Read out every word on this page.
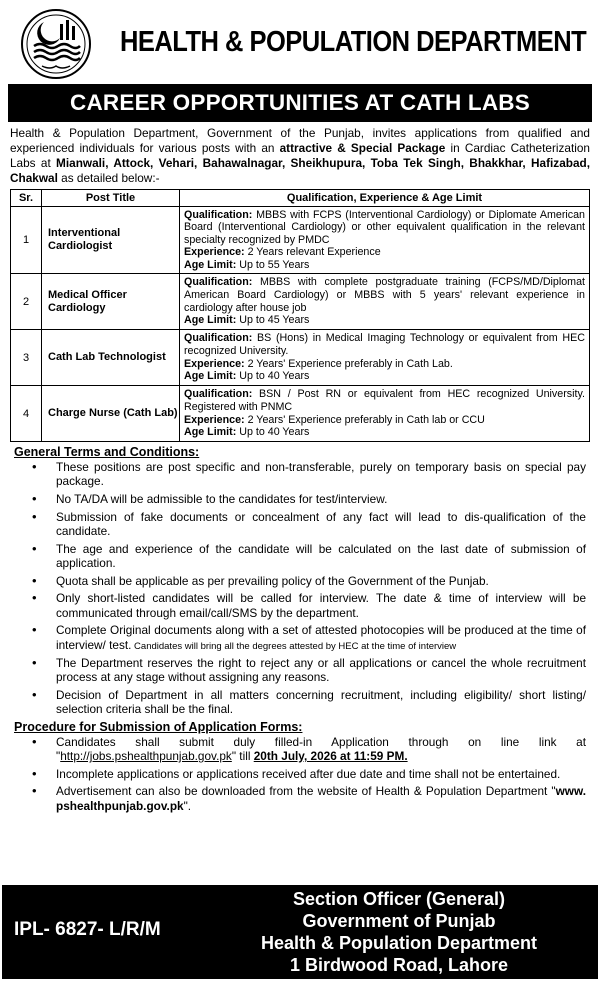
HEALTH & POPULATION DEPARTMENT
CAREER OPPORTUNITIES AT CATH LABS
Health & Population Department, Government of the Punjab, invites applications from qualified and experienced individuals for various posts with an attractive & Special Package in Cardiac Catheterization Labs at Mianwali, Attock, Vehari, Bahawalnagar, Sheikhupura, Toba Tek Singh, Bhakkhar, Hafizabad, Chakwal as detailed below:-
Sr.	Post Title	Qualification, Experience & Age Limit
1	Interventional Cardiologist	Qualification: MBBS with FCPS (Interventional Cardiology) or Diplomate American Board (Interventional Cardiology) or other equivalent qualification in the relevant specialty recognized by PMDC
Experience: 2 Years relevant Experience
Age Limit: Up to 55 Years

2	Medical Officer Cardiology	Qualification: MBBS with complete postgraduate training (FCPS/MD/Diplomat American Board Cardiology) or MBBS with 5 years' relevant experience in cardiology after house job
Age Limit: Up to 45 Years

3	Cath Lab Technologist	Qualification: BS (Hons) in Medical Imaging Technology or equivalent from HEC recognized University.
Experience: 2 Years' Experience preferably in Cath Lab.
Age Limit: Up to 40 Years

4	Charge Nurse (Cath Lab)	Qualification: BSN / Post RN or equivalent from HEC recognized University. Registered with PNMC
Experience: 2 Years' Experience preferably in Cath lab or CCU
Age Limit: Up to 40 Years
General Terms and Conditions:
• These positions are post specific and non-transferable, purely on temporary basis on special pay package.
• No TA/DA will be admissible to the candidates for test/interview.
• Submission of fake documents or concealment of any fact will lead to dis-qualification of the candidate.
• The age and experience of the candidate will be calculated on the last date of submission of application.
• Quota shall be applicable as per prevailing policy of the Government of the Punjab.
• Only short-listed candidates will be called for interview. The date & time of interview will be communicated through email/call/SMS by the department.
• Complete Original documents along with a set of attested photocopies will be produced at the time of interview/ test. Candidates will bring all the degrees attested by HEC at the time of interview
• The Department reserves the right to reject any or all applications or cancel the whole recruitment process at any stage without assigning any reasons.
• Decision of Department in all matters concerning recruitment, including eligibility/ short listing/ selection criteria shall be the final.
Procedure for Submission of Application Forms:
• Candidates shall submit duly filled-in Application through on line link at "http://jobs.pshealthpunjab.gov.pk" till 20th July, 2026 at 11:59 PM.
• Incomplete applications or applications received after due date and time shall not be entertained.
• Advertisement can also be downloaded from the website of Health & Population Department "www. pshealthpunjab.gov.pk".
IPL- 6827- L/R/M
Section Officer (General)
Government of Punjab
Health & Population Department
1 Birdwood Road, Lahore
